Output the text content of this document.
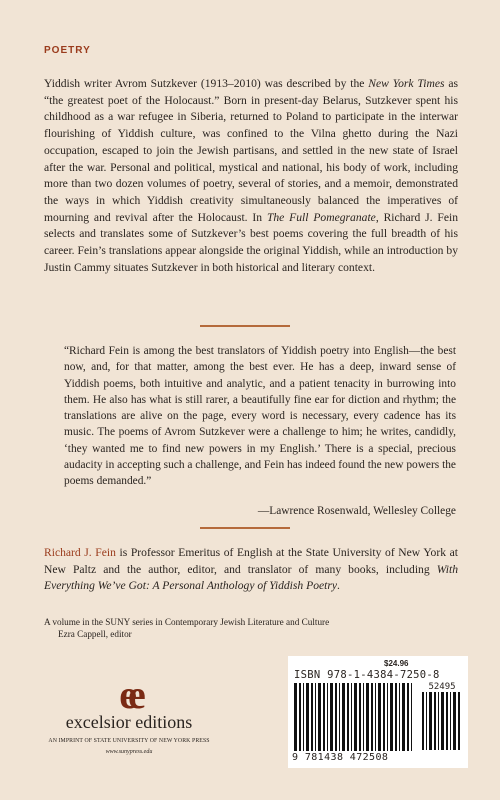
POETRY

Yiddish writer Avrom Sutzkever (1913–2010) was described by the New York Times as “the greatest poet of the Holocaust.” Born in present-day Belarus, Sutzkever spent his childhood as a war refugee in Siberia, returned to Poland to participate in the interwar flourishing of Yiddish culture, was confined to the Vilna ghetto during the Nazi occupation, escaped to join the Jewish partisans, and settled in the new state of Israel after the war. Personal and political, mystical and national, his body of work, including more than two dozen volumes of poetry, several of stories, and a memoir, demonstrated the ways in which Yiddish creativity simultaneously balanced the imperatives of mourning and revival after the Holocaust. In The Full Pomegranate, Richard J. Fein selects and translates some of Sutzkever’s best poems covering the full breadth of his career. Fein’s translations appear alongside the original Yiddish, while an introduction by Justin Cammy situates Sutzkever in both historical and literary context.

“Richard Fein is among the best translators of Yiddish poetry into English—the best now, and, for that matter, among the best ever. He has a deep, inward sense of Yiddish poems, both intuitive and analytic, and a patient tenacity in burrowing into them. He also has what is still rarer, a beautifully fine ear for diction and rhythm; the translations are alive on the page, every word is necessary, every cadence has its music. The poems of Avrom Sutzkever were a challenge to him; he writes, candidly, ‘they wanted me to find new powers in my English.’ There is a special, precious audacity in accepting such a challenge, and Fein has indeed found the new powers the poems demanded.”

—Lawrence Rosenwald, Wellesley College

Richard J. Fein is Professor Emeritus of English at the State University of New York at New Paltz and the author, editor, and translator of many books, including With Everything We’ve Got: A Personal Anthology of Yiddish Poetry.

A volume in the SUNY series in Contemporary Jewish Literature and Culture
Ezra Cappell, editor
ee
excelsior editions
AN IMPRINT OF STATE UNIVERSITY OF NEW YORK PRESS
www.sunypress.edu
$24.96
ISBN 978-1-4384-7250-8
52495
9 781438 472508
